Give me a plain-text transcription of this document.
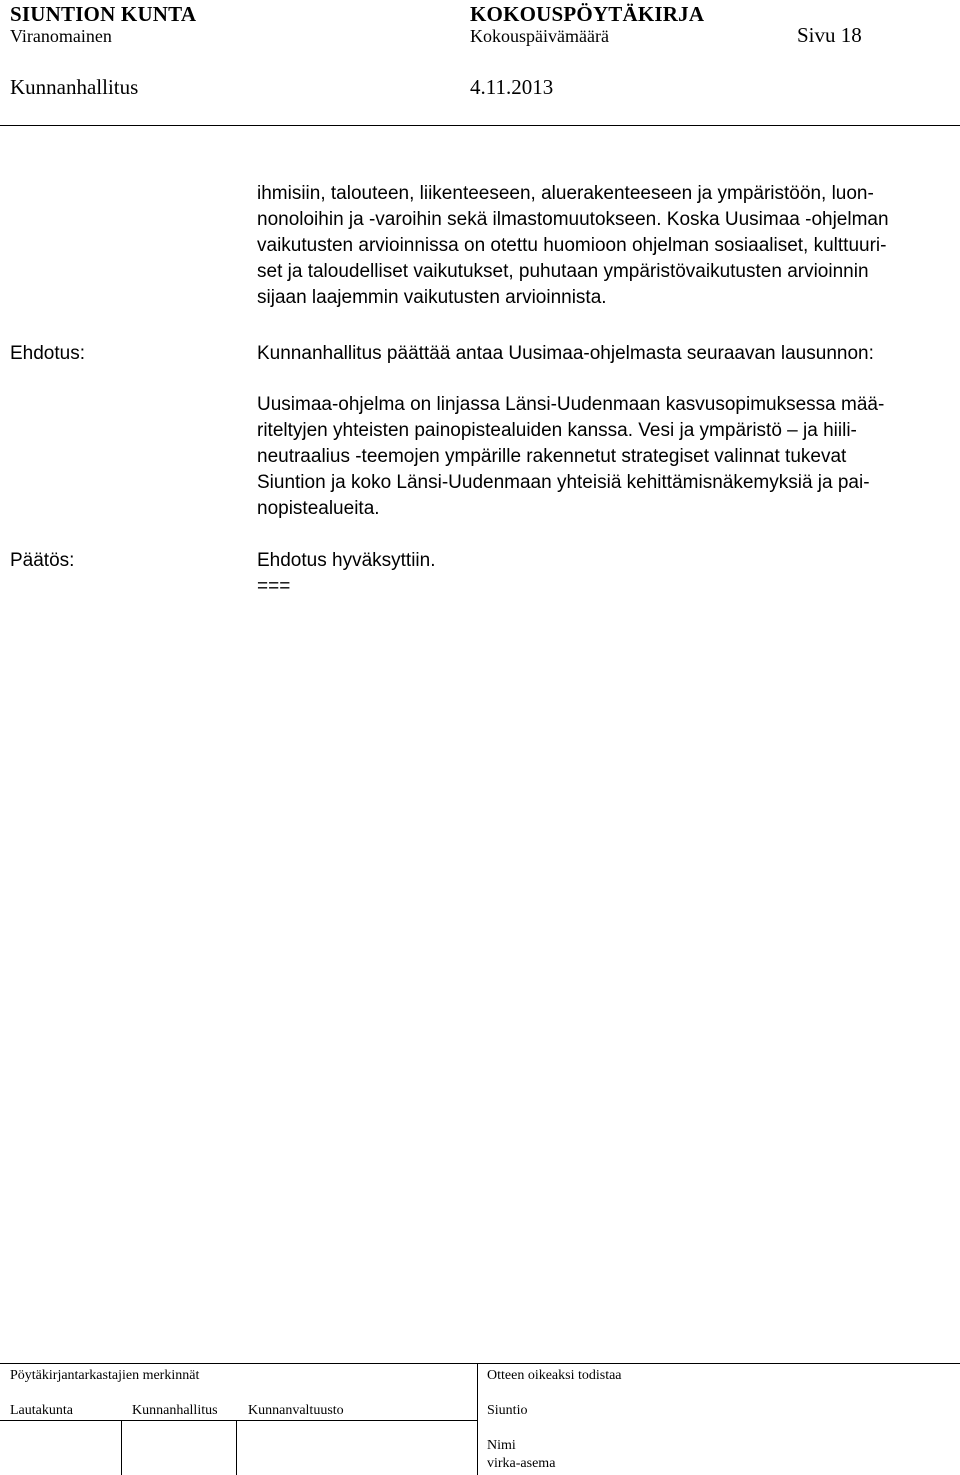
SIUNTION KUNTA	KOKOUSPÖYTÄKIRJA
Viranomainen	Kokouspäivämäärä	Sivu 18
Kunnanhallitus	4.11.2013
ihmisiin, talouteen, liikenteeseen, aluerakenteeseen ja ympäristöön, luon-
nonoloihin ja -varoihin sekä ilmastomuutokseen. Koska Uusimaa -ohjelman
vaikutusten arvioinnissa on otettu huomioon ohjelman sosiaaliset, kulttuuri-
set ja taloudelliset vaikutukset, puhutaan ympäristövaikutusten arvioinnin
sijaan laajemmin vaikutusten arvioinnista.
Ehdotus:	Kunnanhallitus päättää antaa Uusimaa-ohjelmasta seuraavan lausunnon:
Uusimaa-ohjelma on linjassa Länsi-Uudenmaan kasvusopimuksessa mää-
riteltyjen yhteisten painopistealuiden kanssa. Vesi ja ympäristö – ja hiili-
neutraalius -teemojen ympärille rakennetut strategiset valinnat tukevat
Siuntion ja koko Länsi-Uudenmaan yhteisiä kehittämisnäkemyksiä ja pai-
nopistealueita.
Päätös:	Ehdotus hyväksyttiin.
===
Pöytäkirjantarkastajien merkinnät	Otteen oikeaksi todistaa
Lautakunta	Kunnanhallitus Kunnanvaltuusto	Siuntio
Nimi
virka-asema
